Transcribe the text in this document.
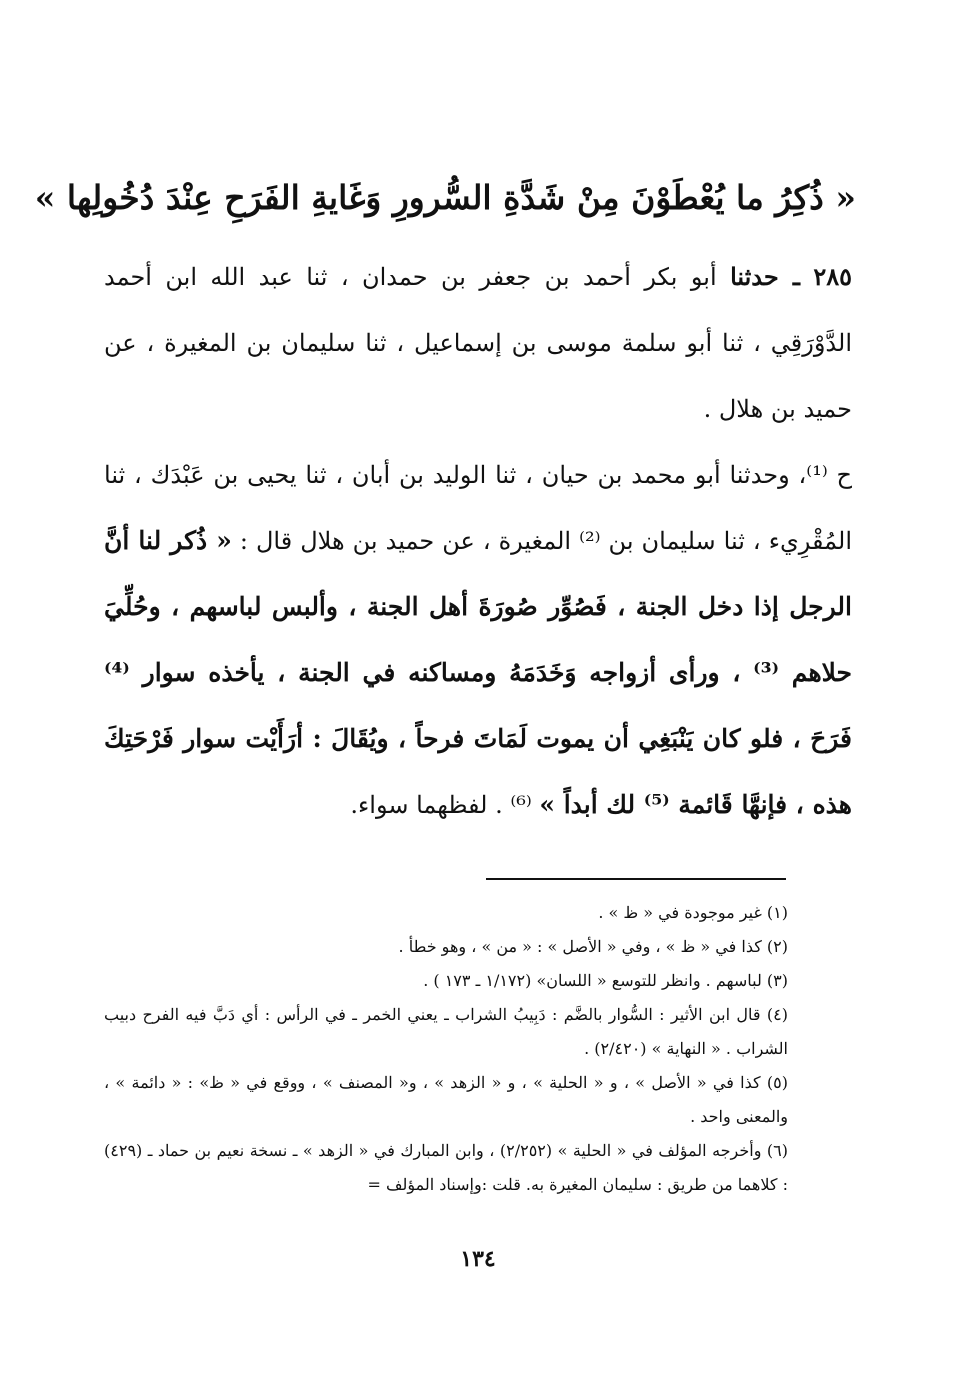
« ذُكِرُ ما يُعْطَوْنَ مِنْ شَدَّةِ السُّرورِ وَغَايةِ الفَرَحِ عِنْدَ دُخُولِها »

٢٨٥ ـ حدثنا أبو بكر أحمد بن جعفر بن حمدان ، ثنا عبد الله ابن أحمد الدَّوْرَقِي ، ثنا أبو سلمة موسى بن إسماعيل ، ثنا سليمان بن المغيرة ، عن حميد بن هلال .

ح ⁽¹⁾، وحدثنا أبو محمد بن حيان ، ثنا الوليد بن أبان ، ثنا يحيى بن عَبْدَك ، ثنا المُقْرِيء ، ثنا سليمان بن ⁽²⁾ المغيرة ، عن حميد بن هلال قال : « ذُكر لنا أنَّ الرجل إذا دخل الجنة ، فَصُوِّر صُورَةَ أهل الجنة ، وألبس لباسهم ، وحُلِّيَ حلاهم ⁽³⁾ ، ورأى أزواجه وَخَدَمَهُ ومساكنه في الجنة ، يأخذه سوار ⁽⁴⁾ فَرَحَ ، فلو كان يَنْبَغِي أن يموت لَمَاتَ فرحاً ، ويُقَالَ : أرَأَيْت سوار فَرْحَتِكَ هذه ، فإنهَّا قَائمة ⁽⁵⁾ لك أبداً » ⁽⁶⁾ . لفظهما سواء.

(١) غير موجودة في « ظ » .

(٢) كذا في « ظ » ، وفي « الأصل » : « من » ، وهو خطأ .

(٣) لباسهم . وانظر للتوسع « اللسان» (١/١٧٢ ـ ١٧٣ ) .

(٤) قال ابن الأثير : السُّوار بالضَّم : دَبِيبُ الشراب ـ يعني الخمر ـ في الرأس : أي دَبَّ فيه الفرح دبيب الشراب . « النهاية » (٢/٤٢٠) .

(٥) كذا في « الأصل » ، و « الحلية » ، و « الزهد » ، و« المصنف » ، ووقع في « ظ» : « دائمة » ، والمعنى واحد .

(٦) وأخرجه المؤلف في « الحلية » (٢/٢٥٢) ، وابن المبارك في « الزهد » ـ نسخة نعيم بن حماد ـ (٤٢٩) : كلاهما من طريق : سليمان المغيرة به. قلت :وإسناد المؤلف =

١٣٤
